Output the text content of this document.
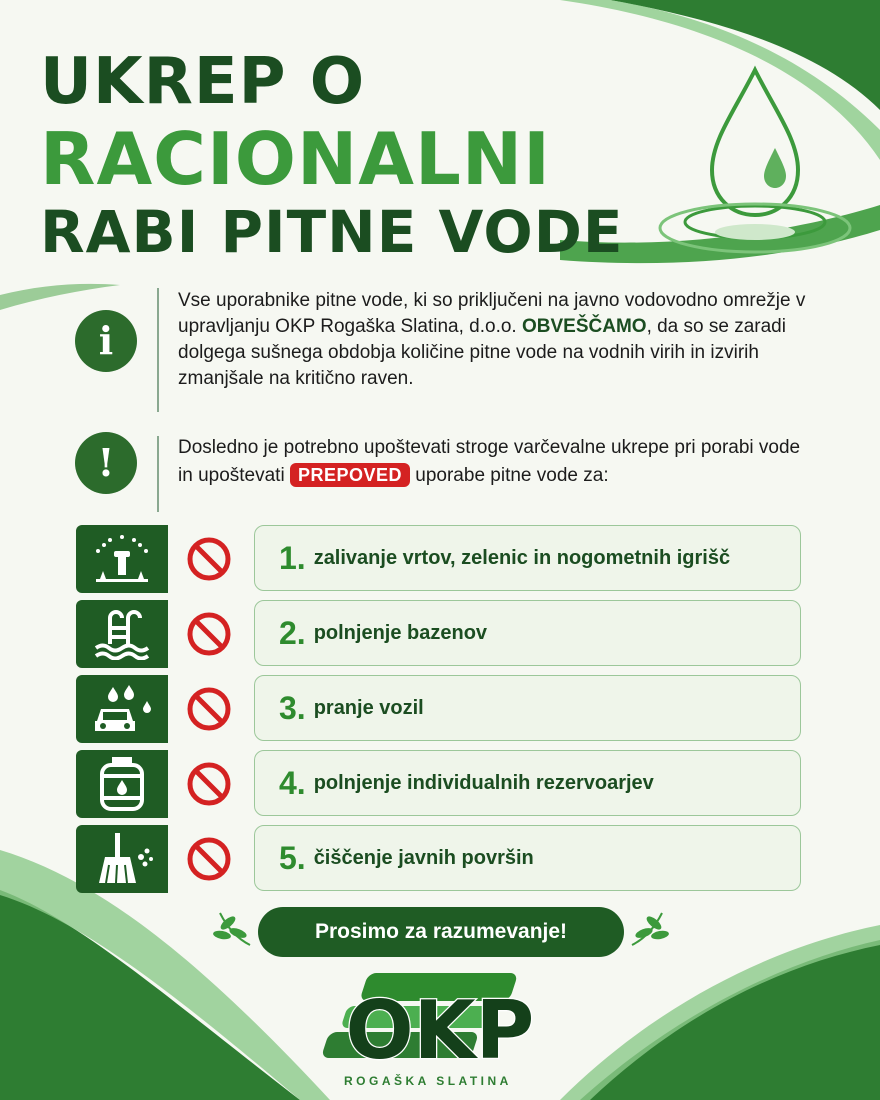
UKREP O
RACIONALNI
RABI PITNE VODE
i

Vse uporabnike pitne vode, ki so priključeni na javno vodovodno omrežje v upravljanju OKP Rogaška Slatina, d.o.o. OBVEŠČAMO, da so se zaradi dolgega sušnega obdobja količine pitne vode na vodnih virih in izvirih zmanjšale na kritično raven.

!	Dosledno je potrebno upoštevati stroge varčevalne ukrepe pri porabi vode in upoštevati PREPOVED uporabe pitne vode za:

1. zalivanje vrtov, zelenic in nogometnih igrišč
2. polnjenje bazenov
3. pranje vozil
4. polnjenje individualnih rezervoarjev
5. čiščenje javnih površin
Prosimo za razumevanje!
OKP
ROGAŠKA SLATINA
